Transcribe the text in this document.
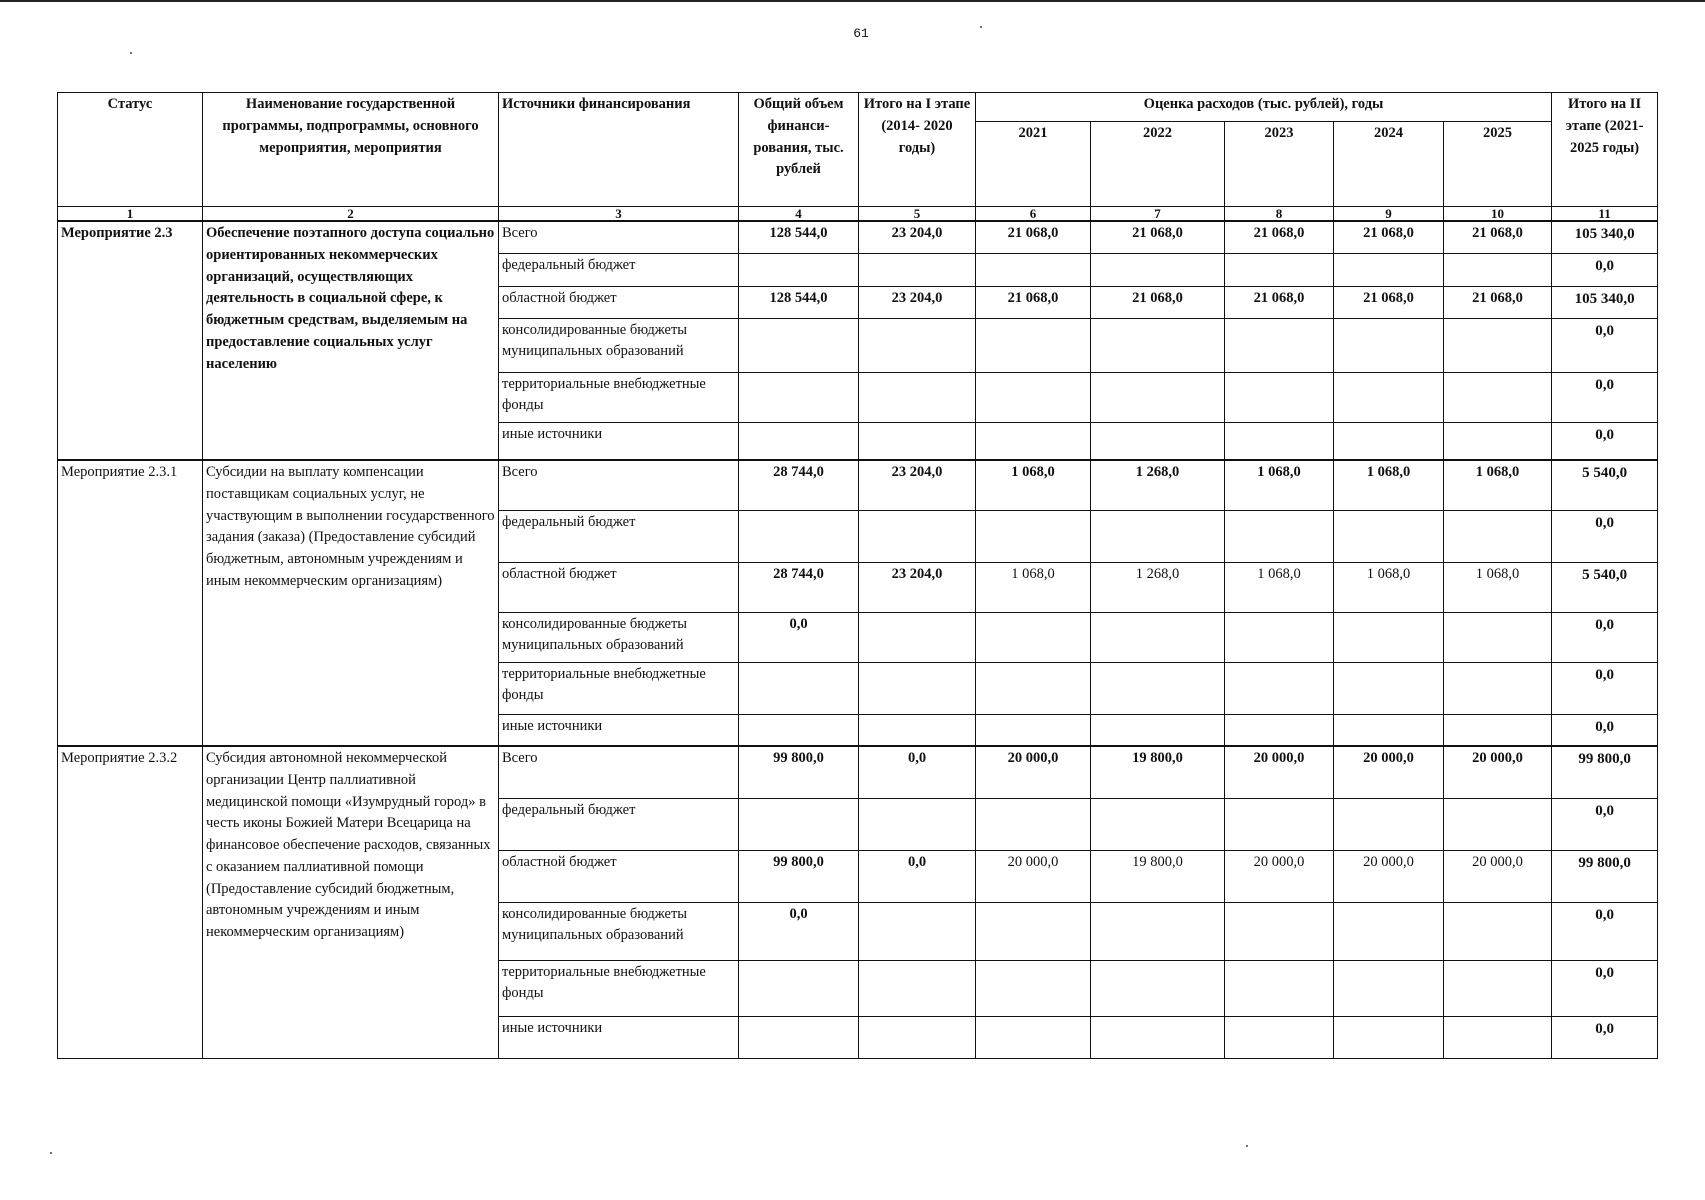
61
Статус	Наименование государственной программы, подпрограммы, основного мероприятия, мероприятия	Источники финансирования	Общий объем финанси- рования, тыс. рублей	Итого на I этапе (2014- 2020 годы)	Оценка расходов (тыс. рублей), годы					Итого на II этапе (2021- 2025 годы)
					2021	2022	2023	2024	2025	
1	2	3	4	5	6	7	8	9	10	11
Мероприятие 2.3	Обеспечение поэтапного доступа социально ориентированных некоммерческих организаций, осуществляющих деятельность в социальной сфере, к бюджетным средствам, выделяемым на предоставление социальных услуг населению	Всего	128 544,0	23 204,0	21 068,0	21 068,0	21 068,0	21 068,0	21 068,0	105 340,0
		федеральный бюджет								0,0
		областной бюджет	128 544,0	23 204,0	21 068,0	21 068,0	21 068,0	21 068,0	21 068,0	105 340,0
		консолидированные бюджеты муниципальных образований								0,0
		территориальные внебюджетные фонды								0,0
		иные источники								0,0
Мероприятие 2.3.1	Субсидии на выплату компенсации поставщикам социальных услуг, не участвующим в выполнении государственного задания (заказа) (Предоставление субсидий бюджетным, автономным учреждениям и иным некоммерческим организациям)	Всего	28 744,0	23 204,0	1 068,0	1 268,0	1 068,0	1 068,0	1 068,0	5 540,0
		федеральный бюджет								0,0
		областной бюджет	28 744,0	23 204,0	1 068,0	1 268,0	1 068,0	1 068,0	1 068,0	5 540,0
		консолидированные бюджеты муниципальных образований	0,0							0,0
		территориальные внебюджетные фонды								0,0
		иные источники								0,0
Мероприятие 2.3.2	Субсидия автономной некоммерческой организации Центр паллиативной медицинской помощи «Изумрудный город» в честь иконы Божией Матери Всецарица на финансовое обеспечение расходов, связанных с оказанием паллиативной помощи (Предоставление субсидий бюджетным, автономным учреждениям и иным некоммерческим организациям)	Всего	99 800,0	0,0	20 000,0	19 800,0	20 000,0	20 000,0	20 000,0	99 800,0
		федеральный бюджет								0,0
		областной бюджет	99 800,0	0,0	20 000,0	19 800,0	20 000,0	20 000,0	20 000,0	99 800,0
		консолидированные бюджеты муниципальных образований	0,0							0,0
		территориальные внебюджетные фонды								0,0
		иные источники								0,0
